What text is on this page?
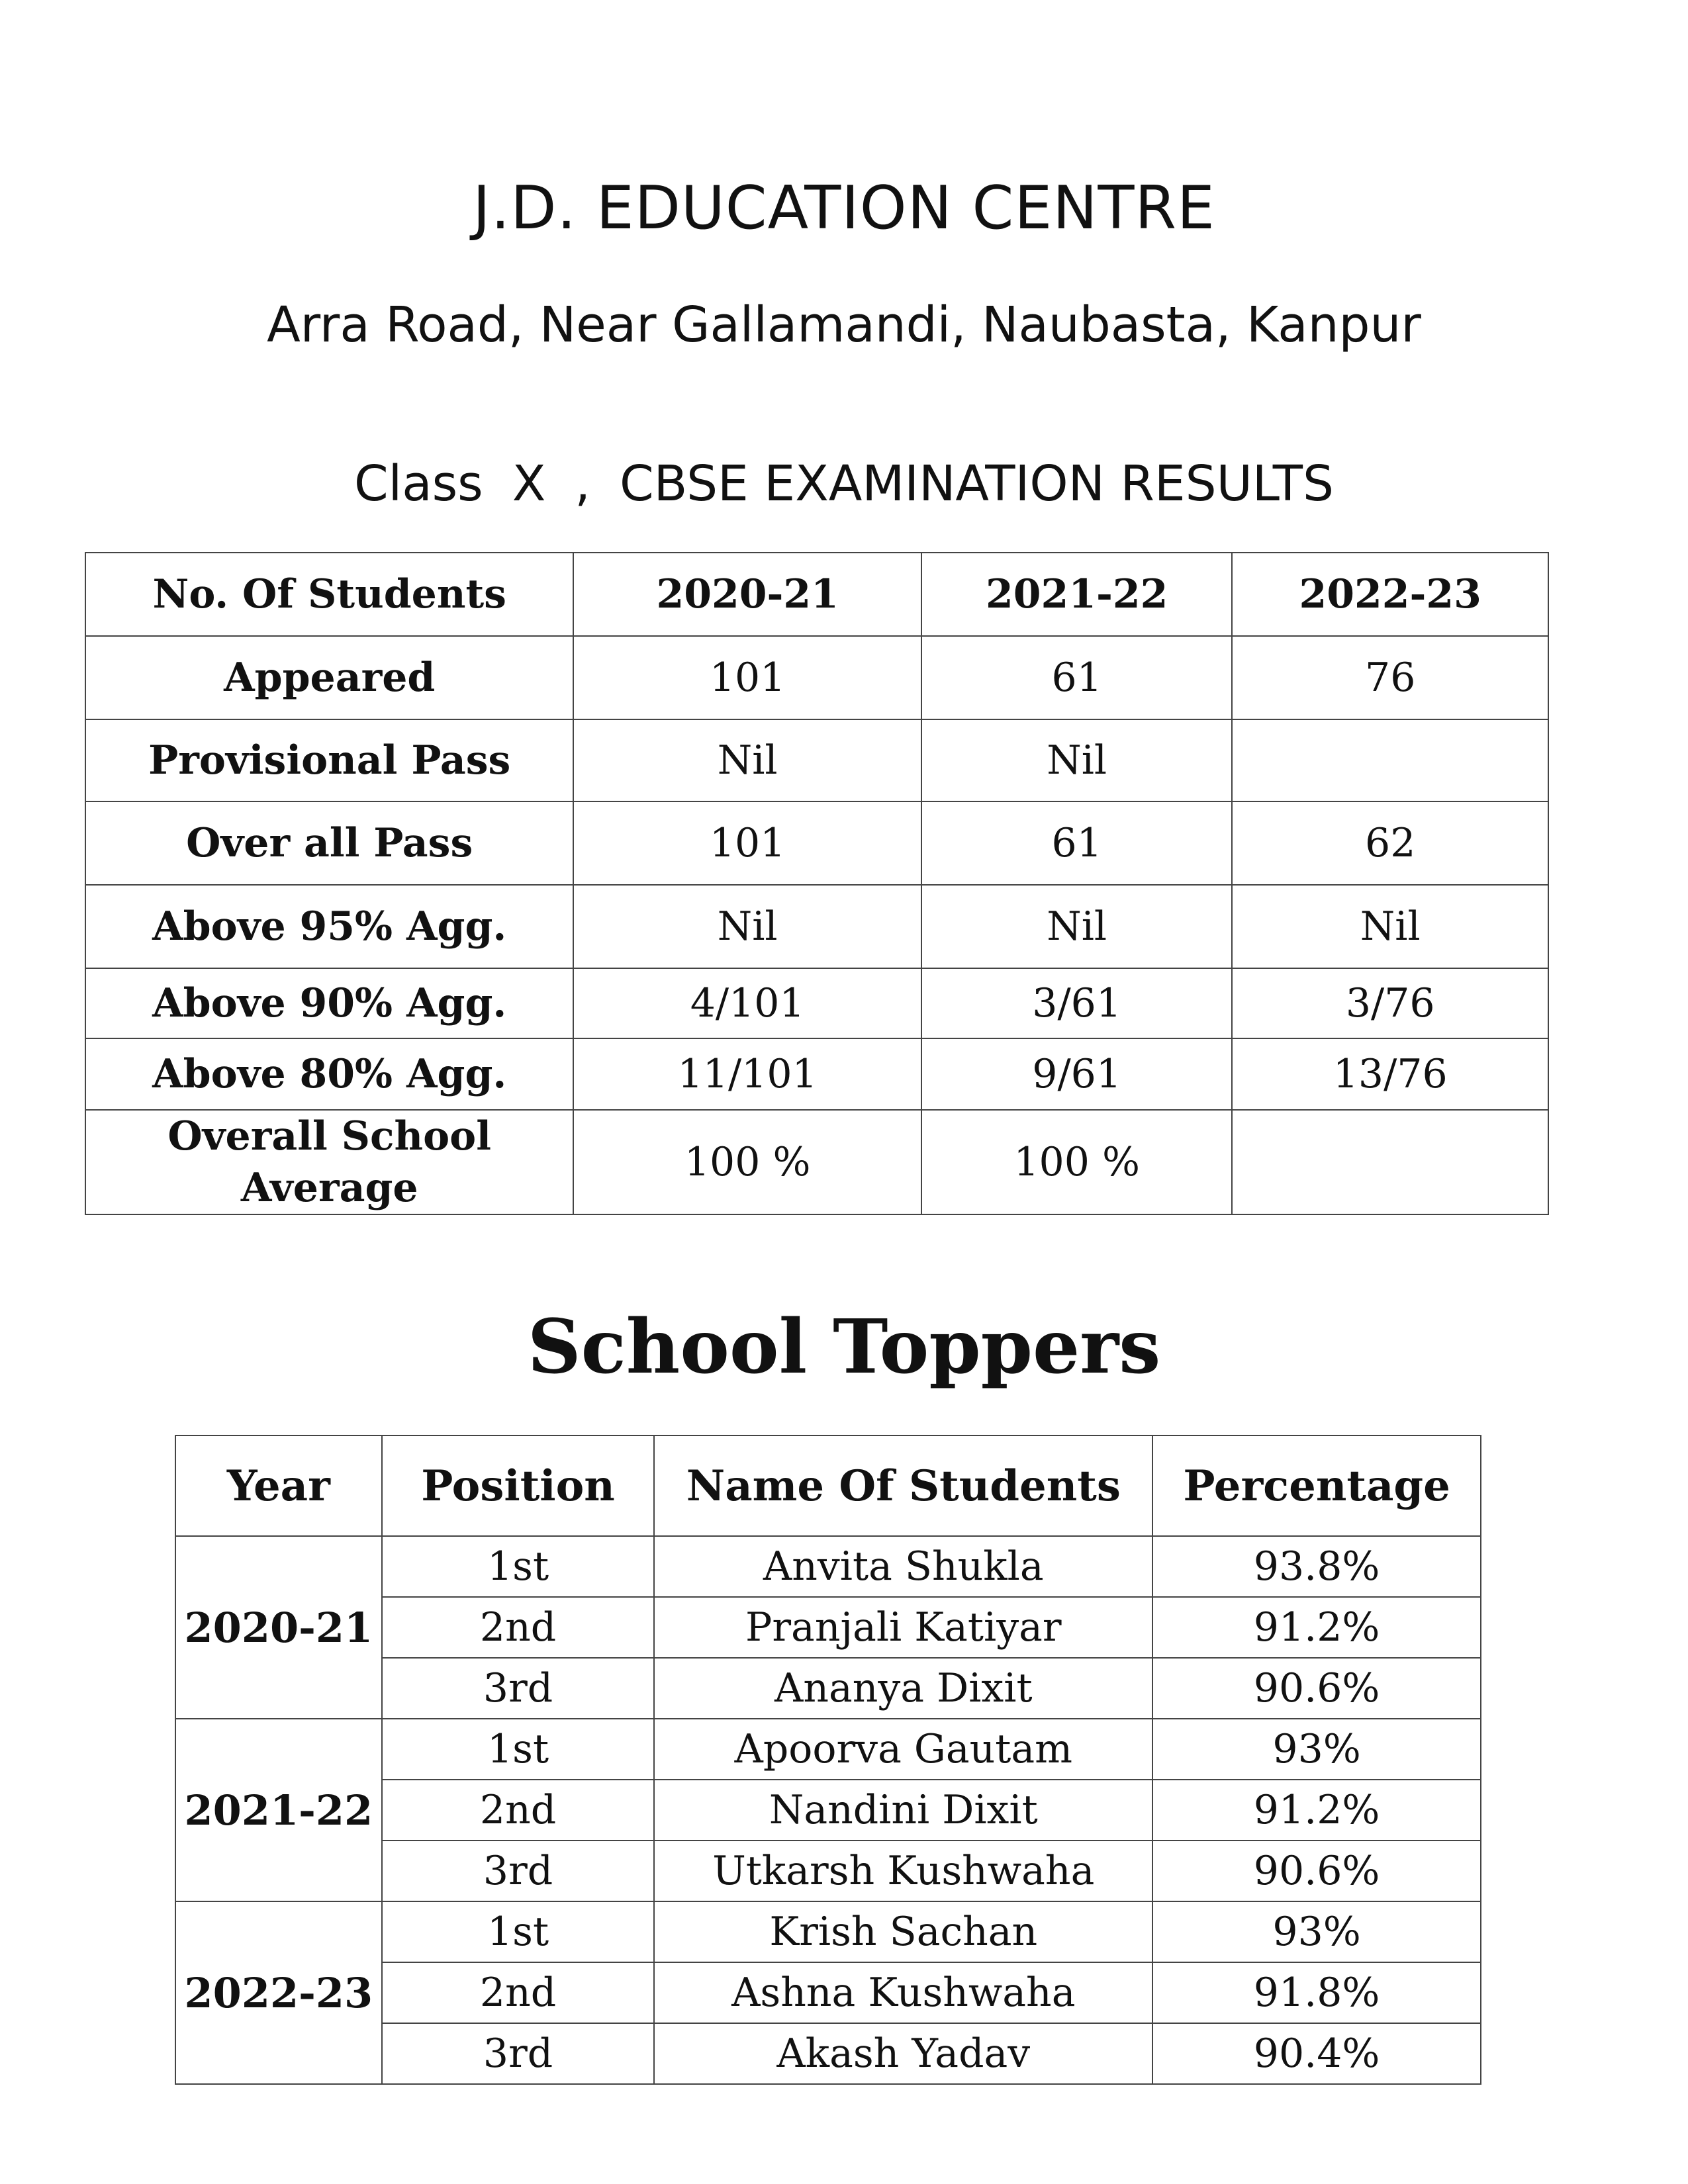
J.D. EDUCATION CENTRE
Arra Road, Near Gallamandi, Naubasta, Kanpur
Class X , CBSE EXAMINATION RESULTS
No. Of Students	2020-21	2021-22	2022-23
Appeared	101	61	76
Provisional Pass	Nil	Nil	
Over all Pass	101	61	62
Above 95% Agg.	Nil	Nil	Nil
Above 90% Agg.	4/101	3/61	3/76
Above 80% Agg.	11/101	9/61	13/76
Overall School
Average	100 %	100 %	
School Toppers
Year	Position	Name Of Students	Percentage
2020-21	1st	Anvita Shukla	93.8%
	2nd	Pranjali Katiyar	91.2%
	3rd	Ananya Dixit	90.6%
2021-22	1st	Apoorva Gautam	93%
	2nd	Nandini Dixit	91.2%
	3rd	Utkarsh Kushwaha	90.6%
2022-23	1st	Krish Sachan	93%
	2nd	Ashna Kushwaha	91.8%
	3rd	Akash Yadav	90.4%
